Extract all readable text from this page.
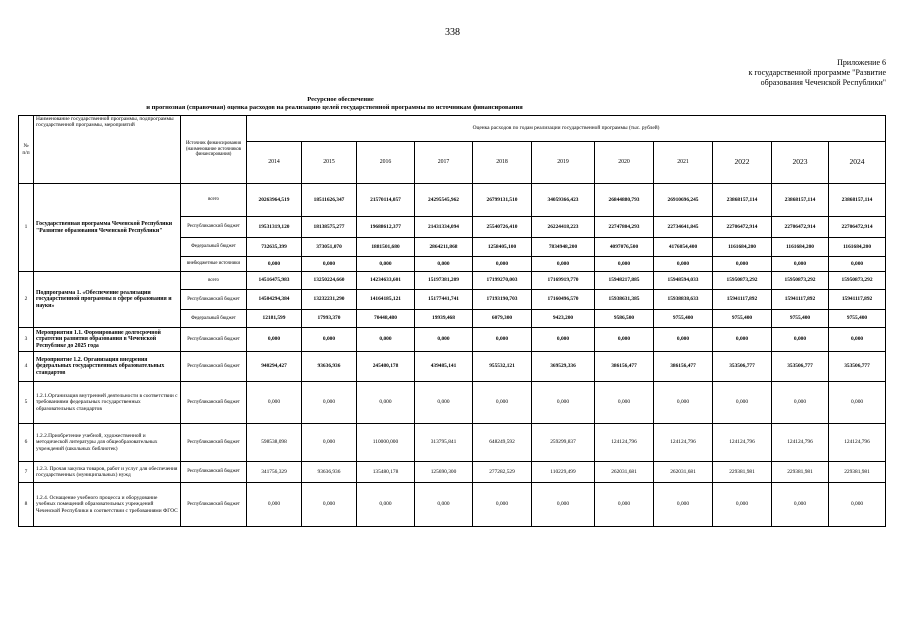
338
Приложение 6
к государственной программе "Развитие
образования Чеченской Республики"
Ресурсное обеспечение
и прогнозная (справочная) оценка расходов на реализацию целей государственной программы по источникам финансирования
№ п/п	Наименование государственной программы, подпрограммы государственной программы, мероприятий	Источник финансирования (наименование источников финансирования)	Оценка расходов по годам реализации государственной программы (тыс. рублей)										
			2014	2015	2016	2017	2018	2019	2020	2021	2022	2023	2024
1	Государственная программа Чеченской Республики "Развитие образования Чеченской Республики"	всего	20263964,519	18511626,347	21570114,057	24295545,962	26799131,510	34059366,423	26844880,793	26910696,245	23868157,114	23868157,114	23868157,114
		Республиканский бюджет	19531319,120	18138575,277	19688612,377	21431334,094	25540726,410	26224418,223	22747804,293	22734641,845	22706472,914	22706472,914	22706472,914
		Федеральный бюджет	732635,399	373051,070	1881501,680	2864211,868	1258405,100	7834948,200	4097076,500	4176054,400	1161684,200	1161684,200	1161684,200
		внебюджетные источники	0,000	0,000	0,000	0,000	0,000	0,000	0,000	0,000	0,000	0,000	0,000
2	Подпрограмма 1. «Обеспечение реализации государственной программы в сфере образования и науки»	всего	14516475,983	13250224,660	14234633,601	15197381,209	17199270,003	17169919,770	15948217,885	15948594,033	15950873,292	15950873,292	15950873,292
		Республиканский бюджет	14504294,384	13232231,290	14164185,121	15177441,741	17193190,703	17160496,570	15938631,385	15938838,633	15941117,892	15941117,892	15941117,892
		Федеральный бюджет	12181,599	17993,370	70448,480	19939,468	6079,300	9423,200	9586,500	9755,400	9755,400	9755,400	9755,400
3	Мероприятия 1.1. Формирование долгосрочной стратегии развития образования в Чеченской Республике до 2025 года	Республиканский бюджет	0,000	0,000	0,000	0,000	0,000	0,000	0,000	0,000	0,000	0,000	0,000
4	Мероприятие 1.2. Организация внедрения федеральных государственных образовательных стандартов	Республиканский бюджет	940294,427	93636,936	245480,178	439485,141	955532,121	369529,336	386156,477	386156,477	353506,777	353506,777	353506,777
5	1.2.1.Организация внутренней деятельности в соответствии с требованиями федеральных государственных образовательных стандартов	Республиканский бюджет	0,000	0,000	0,000	0,000	0,000	0,000	0,000	0,000	0,000	0,000	0,000
6	1.2.2.Приобретение учебной, художественной и методической литературы для общеобразовательных учреждений (школьных библиотек)	Республиканский бюджет	598538,098	0,000	110000,000	313795,841	648249,592	259299,837	124124,796	124124,796	124124,796	124124,796	124124,796
7	1.2.3. Прочая закупка товаров, работ и услуг для обеспечения государственных (муниципальных) нужд	Республиканский бюджет	341756,329	93636,936	135480,178	125690,300	277282,529	110229,499	262031,681	262031,681	229381,981	229381,981	229381,981
8	1.2.4. Оснащение учебного процесса и оборудование учебных помещений образовательных учреждений Чеченской Республики в соответствии с требованиями ФГОС	Республиканский бюджет	0,000	0,000	0,000	0,000	0,000	0,000	0,000	0,000	0,000	0,000	0,000
